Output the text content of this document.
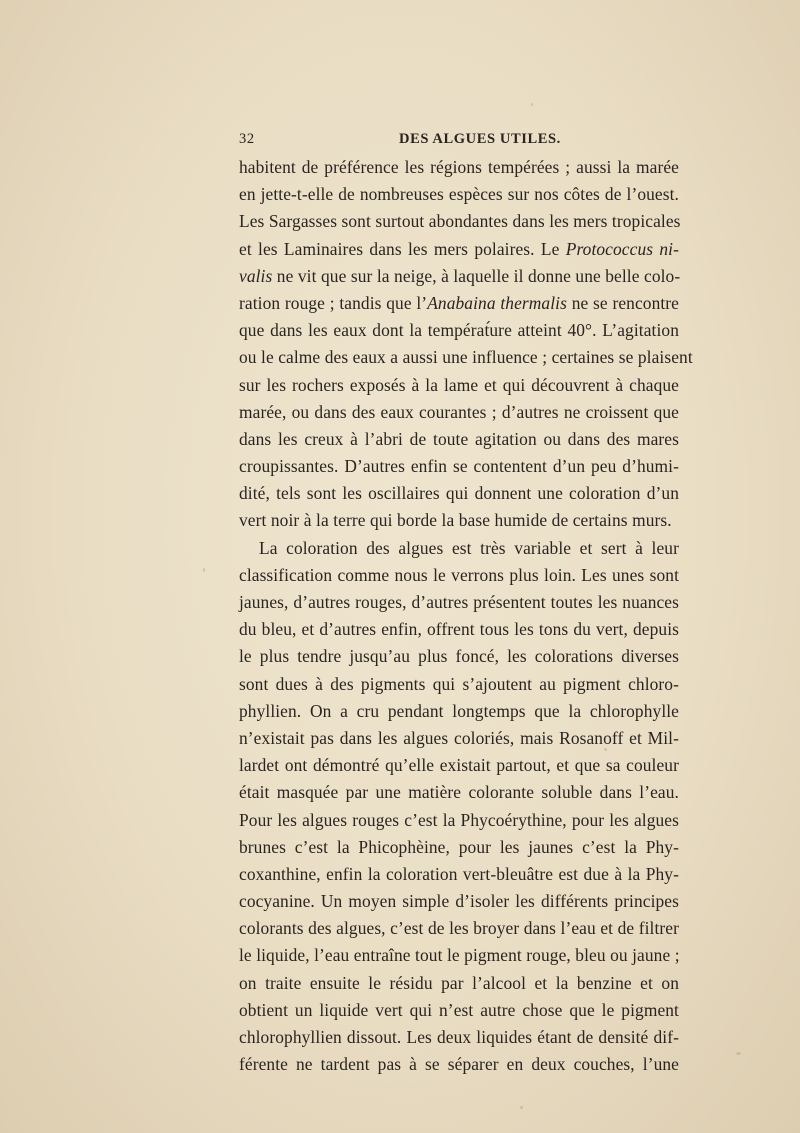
32	DES ALGUES UTILES.
habitent de préférence les régions tempérées ; aussi la marée
en jette-t-elle de nombreuses espèces sur nos côtes de l’ouest.
Les Sargasses sont surtout abondantes dans les mers tropicales
et les Laminaires dans les mers polaires. Le Protococcus ni-
valis ne vit que sur la neige, à laquelle il donne une belle colo-
ration rouge ; tandis que l’Anabaina thermalis ne se rencontre
que dans les eaux dont la températ́ure atteint 40°. L’agitation
ou le calme des eaux a aussi une influence ; certaines se plaisent
sur les rochers exposés à la lame et qui découvrent à chaque
marée, ou dans des eaux courantes ; d’autres ne croissent que
dans les creux à l’abri de toute agitation ou dans des mares
croupissantes. D’autres enfin se contentent d’un peu d’humi-
dité, tels sont les oscillaires qui donnent une coloration d’un
vert noir à la terre qui borde la base humide de certains murs.
La coloration des algues est très variable et sert à leur
classification comme nous le verrons plus loin. Les unes sont
jaunes, d’autres rouges, d’autres présentent toutes les nuances
du bleu, et d’autres enfin, offrent tous les tons du vert, depuis
le plus tendre jusqu’au plus foncé, les colorations diverses
sont dues à des pigments qui s’ajoutent au pigment chloro-
phyllien. On a cru pendant longtemps que la chlorophylle
n’existait pas dans les algues coloriés, mais Rosanoff et Mil-
lardet ont démontré qu’elle existait partout, et que sa couleur
était masquée par une matière colorante soluble dans l’eau.
Pour les algues rouges c’est la Phycoérythine, pour les algues
brunes c’est la Phicophèine, pour les jaunes c’est la Phy-
coxanthine, enfin la coloration vert-bleuâtre est due à la Phy-
cocyanine. Un moyen simple d’isoler les différents principes
colorants des algues, c’est de les broyer dans l’eau et de filtrer
le liquide, l’eau entraîne tout le pigment rouge, bleu ou jaune ;
on traite ensuite le résidu par l’alcool et la benzine et on
obtient un liquide vert qui n’est autre chose que le pigment
chlorophyllien dissout. Les deux liquides étant de densité dif-
férente ne tardent pas à se séparer en deux couches, l’une
